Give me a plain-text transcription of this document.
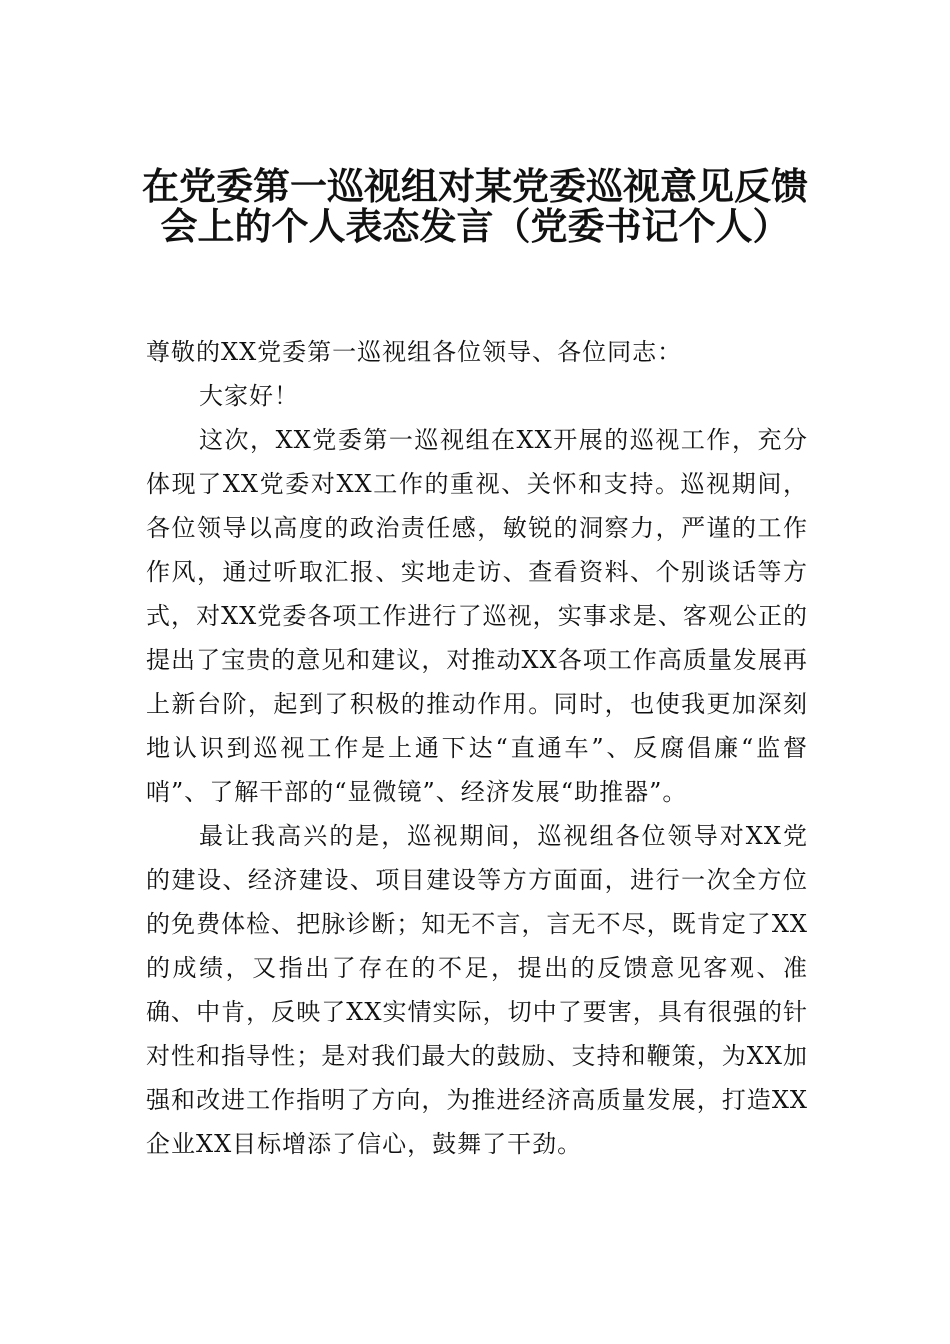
在党委第一巡视组对某党委巡视意见反馈
会上的个人表态发言（党委书记个人）

尊敬的XX党委第一巡视组各位领导、各位同志：

大家好！

这次，XX党委第一巡视组在XX开展的巡视工作，充分体现了XX党委对XX工作的重视、关怀和支持。巡视期间，各位领导以高度的政治责任感，敏锐的洞察力，严谨的工作作风，通过听取汇报、实地走访、查看资料、个别谈话等方式，对XX党委各项工作进行了巡视，实事求是、客观公正的提出了宝贵的意见和建议，对推动XX各项工作高质量发展再上新台阶，起到了积极的推动作用。同时，也使我更加深刻地认识到巡视工作是上通下达“直通车”、反腐倡廉“监督哨”、了解干部的“显微镜”、经济发展“助推器”。

最让我高兴的是，巡视期间，巡视组各位领导对XX党的建设、经济建设、项目建设等方方面面，进行一次全方位的免费体检、把脉诊断；知无不言，言无不尽，既肯定了XX的成绩，又指出了存在的不足，提出的反馈意见客观、准确、中肯，反映了XX实情实际，切中了要害，具有很强的针对性和指导性；是对我们最大的鼓励、支持和鞭策，为XX加强和改进工作指明了方向，为推进经济高质量发展，打造XX企业XX目标增添了信心，鼓舞了干劲。
